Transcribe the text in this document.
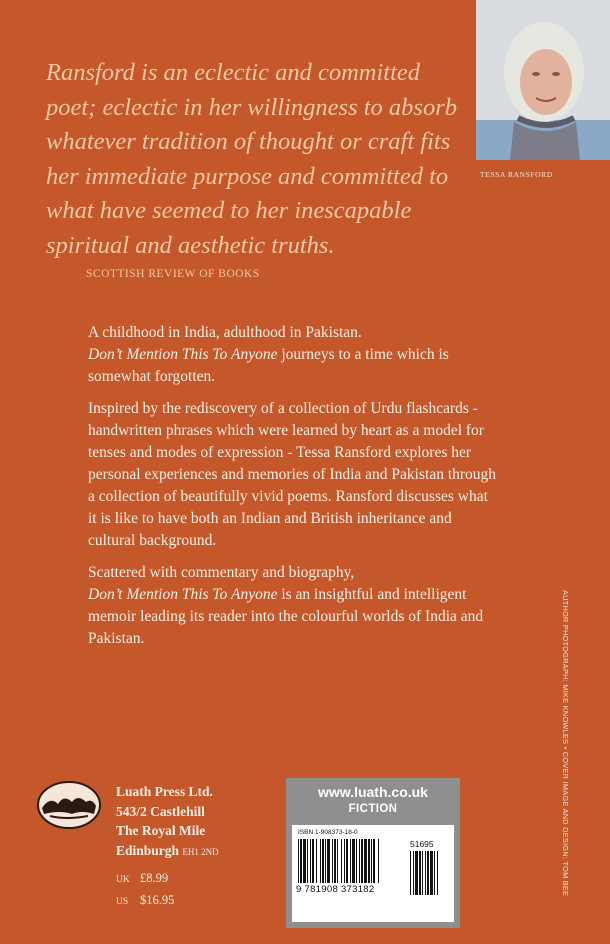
Ransford is an eclectic and committed poet; eclectic in her willingness to absorb whatever tradition of thought or craft fits her immediate purpose and committed to what have seemed to her inescapable spiritual and aesthetic truths.
SCOTTISH REVIEW OF BOOKS
TESSA RANSFORD

A childhood in India, adulthood in Pakistan.
Don’t Mention This To Anyone journeys to a time which is somewhat forgotten.

Inspired by the rediscovery of a collection of Urdu flashcards - handwritten phrases which were learned by heart as a model for tenses and modes of expression - Tessa Ransford explores her personal experiences and memories of India and Pakistan through a collection of beautifully vivid poems. Ransford discusses what it is like to have both an Indian and British inheritance and cultural background.

Scattered with commentary and biography,
Don’t Mention This To Anyone is an insightful and intelligent memoir leading its reader into the colourful worlds of India and Pakistan.	AUTHOR PHOTOGRAPH: MIKE KNOWLES • COVER IMAGE AND DESIGN: TOM BEE
Luath Press Ltd.
543/2 Castlehill
The Royal Mile
Edinburgh EH1 2ND
UK £8.99
US $16.95
www.luath.co.uk
FICTION
ISBN 1-908373-18-0
51695
9 781908 373182
